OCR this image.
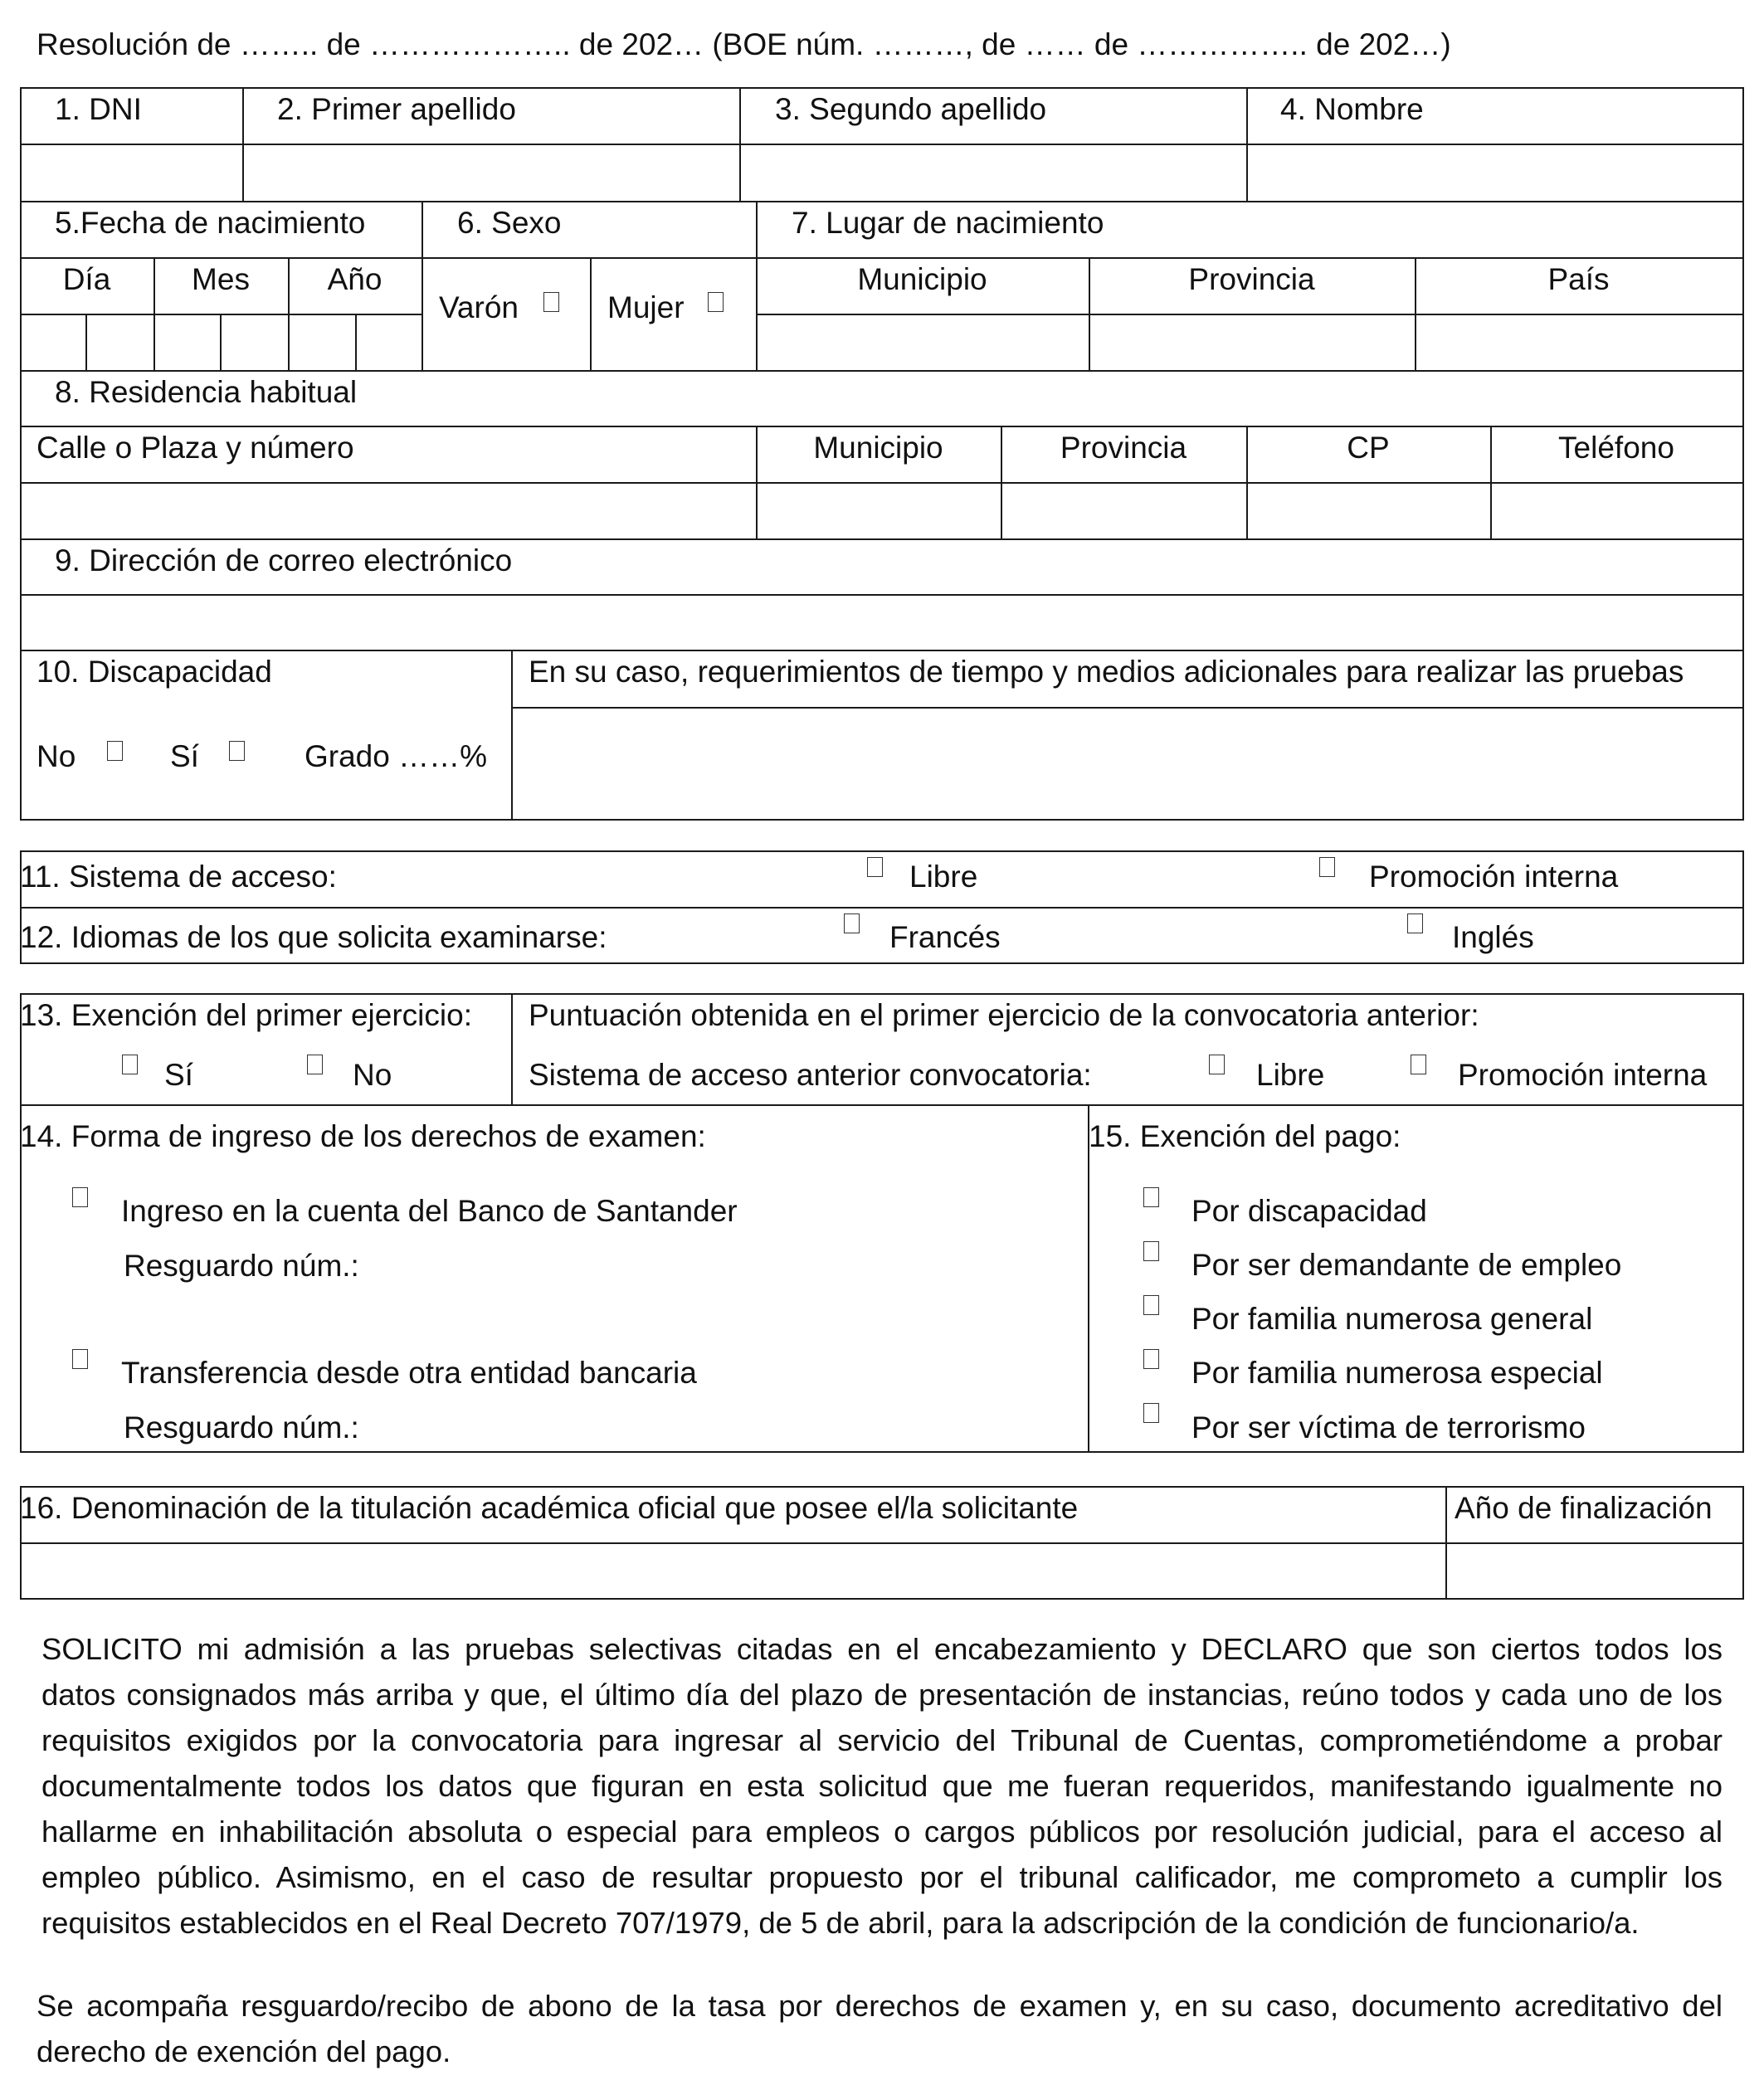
Resolución de …….. de ……………….. de 202… (BOE núm. ………, de …… de …………….. de 202…)
1. DNI	2. Primer apellido	3. Segundo apellido	4. Nombre
5.Fecha de nacimiento	6. Sexo	7. Lugar de nacimiento
Día	Mes	Año
Varón	Mujer
Municipio	Provincia	País
8. Residencia habitual
Calle o Plaza y número	Municipio	Provincia	CP	Teléfono
9. Dirección de correo electrónico
10. Discapacidad	En su caso, requerimientos de tiempo y medios adicionales para realizar las pruebas
No	Sí	Grado ……%
11. Sistema de acceso:	Libre	Promoción interna
12. Idiomas de los que solicita examinarse:	Francés	Inglés
13. Exención del primer ejercicio:
Sí	No
Puntuación obtenida en el primer ejercicio de la convocatoria anterior:
Sistema de acceso anterior convocatoria:	Libre	Promoción interna
14. Forma de ingreso de los derechos de examen:
Ingreso en la cuenta del Banco de Santander
Resguardo núm.:
Transferencia desde otra entidad bancaria
Resguardo núm.:
15. Exención del pago:
Por discapacidad
Por ser demandante de empleo
Por familia numerosa general
Por familia numerosa especial
Por ser víctima de terrorismo
16. Denominación de la titulación académica oficial que posee el/la solicitante	Año de finalización
SOLICITO mi admisión a las pruebas selectivas citadas en el encabezamiento y DECLARO que son ciertos todos los
datos consignados más arriba y que, el último día del plazo de presentación de instancias, reúno todos y cada uno de los
requisitos exigidos por la convocatoria para ingresar al servicio del Tribunal de Cuentas, comprometiéndome a probar
documentalmente todos los datos que figuran en esta solicitud que me fueran requeridos, manifestando igualmente no
hallarme en inhabilitación absoluta o especial para empleos o cargos públicos por resolución judicial, para el acceso al
empleo público. Asimismo, en el caso de resultar propuesto por el tribunal calificador, me comprometo a cumplir los
requisitos establecidos en el Real Decreto 707/1979, de 5 de abril, para la adscripción de la condición de funcionario/a.
Se acompaña resguardo/recibo de abono de la tasa por derechos de examen y, en su caso, documento acreditativo del
derecho de exención del pago.
